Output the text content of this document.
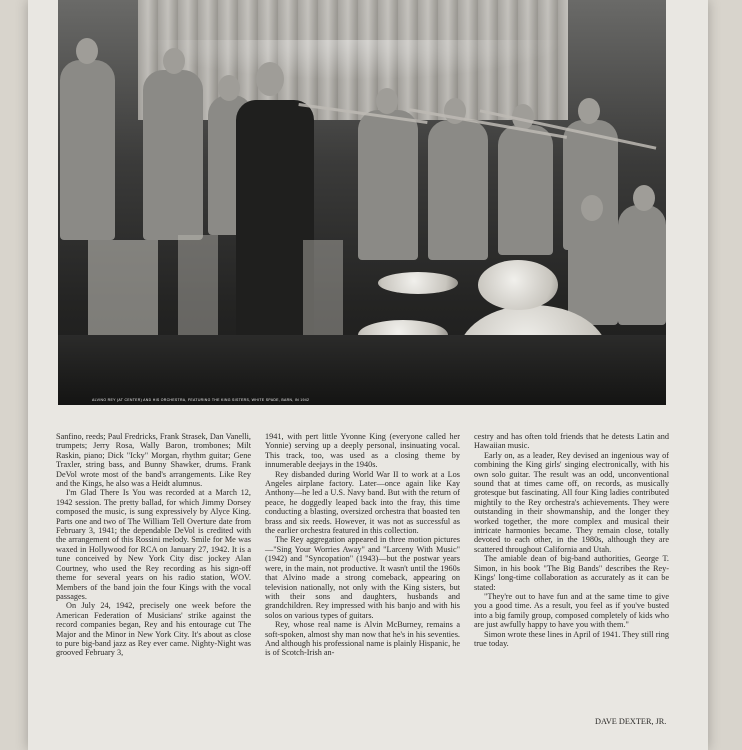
ALVINO REY (AT CENTER) AND HIS ORCHESTRA, FEATURING THE KING SISTERS, WHITE SPADE, BARN, IN 1942

Sanfino, reeds; Paul Fredricks, Frank Strasek, Dan Vanelli, trumpets; Jerry Rosa, Wally Baron, trombones; Milt Raskin, piano; Dick "Icky" Morgan, rhythm guitar; Gene Traxler, string bass, and Bunny Shawker, drums. Frank DeVol wrote most of the band's arrangements. Like Rey and the Kings, he also was a Heidt alumnus.

I'm Glad There Is You was recorded at a March 12, 1942 session. The pretty ballad, for which Jimmy Dorsey composed the music, is sung expressively by Alyce King. Parts one and two of The William Tell Overture date from February 3, 1941; the dependable DeVol is credited with the arrangement of this Rossini melody. Smile for Me was waxed in Hollywood for RCA on January 27, 1942. It is a tune conceived by New York City disc jockey Alan Courtney, who used the Rey recording as his sign-off theme for several years on his radio station, WOV. Members of the band join the four Kings with the vocal passages.

On July 24, 1942, precisely one week before the American Federation of Musicians' strike against the record companies began, Rey and his entourage cut The Major and the Minor in New York City. It's about as close to pure big-band jazz as Rey ever came. Nighty-Night was grooved February 3,

1941, with pert little Yvonne King (everyone called her Yonnie) serving up a deeply personal, insinuating vocal. This track, too, was used as a closing theme by innumerable deejays in the 1940s.

Rey disbanded during World War II to work at a Los Angeles airplane factory. Later—once again like Kay Anthony—he led a U.S. Navy band. But with the return of peace, he doggedly leaped back into the fray, this time conducting a blasting, oversized orchestra that boasted ten brass and six reeds. However, it was not as successful as the earlier orchestra featured in this collection.

The Rey aggregation appeared in three motion pictures—"Sing Your Worries Away" and "Larceny With Music" (1942) and "Syncopation" (1943)—but the postwar years were, in the main, not productive. It wasn't until the 1960s that Alvino made a strong comeback, appearing on television nationally, not only with the King sisters, but with their sons and daughters, husbands and grandchildren. Rey impressed with his banjo and with his solos on various types of guitars.

Rey, whose real name is Alvin McBurney, remains a soft-spoken, almost shy man now that he's in his seventies. And although his professional name is plainly Hispanic, he is of Scotch-Irish an-

cestry and has often told friends that he detests Latin and Hawaiian music.

Early on, as a leader, Rey devised an ingenious way of combining the King girls' singing electronically, with his own solo guitar. The result was an odd, unconventional sound that at times came off, on records, as musically grotesque but fascinating. All four King ladies contributed mightily to the Rey orchestra's achievements. They were outstanding in their showmanship, and the longer they worked together, the more complex and musical their intricate harmonies became. They remain close, totally devoted to each other, in the 1980s, although they are scattered throughout California and Utah.

The amiable dean of big-band authorities, George T. Simon, in his book "The Big Bands" describes the Rey-Kings' long-time collaboration as accurately as it can be stated:

"They're out to have fun and at the same time to give you a good time. As a result, you feel as if you've busted into a big family group, composed completely of kids who are just awfully happy to have you with them."

Simon wrote these lines in April of 1941. They still ring true today.

DAVE DEXTER, JR.
